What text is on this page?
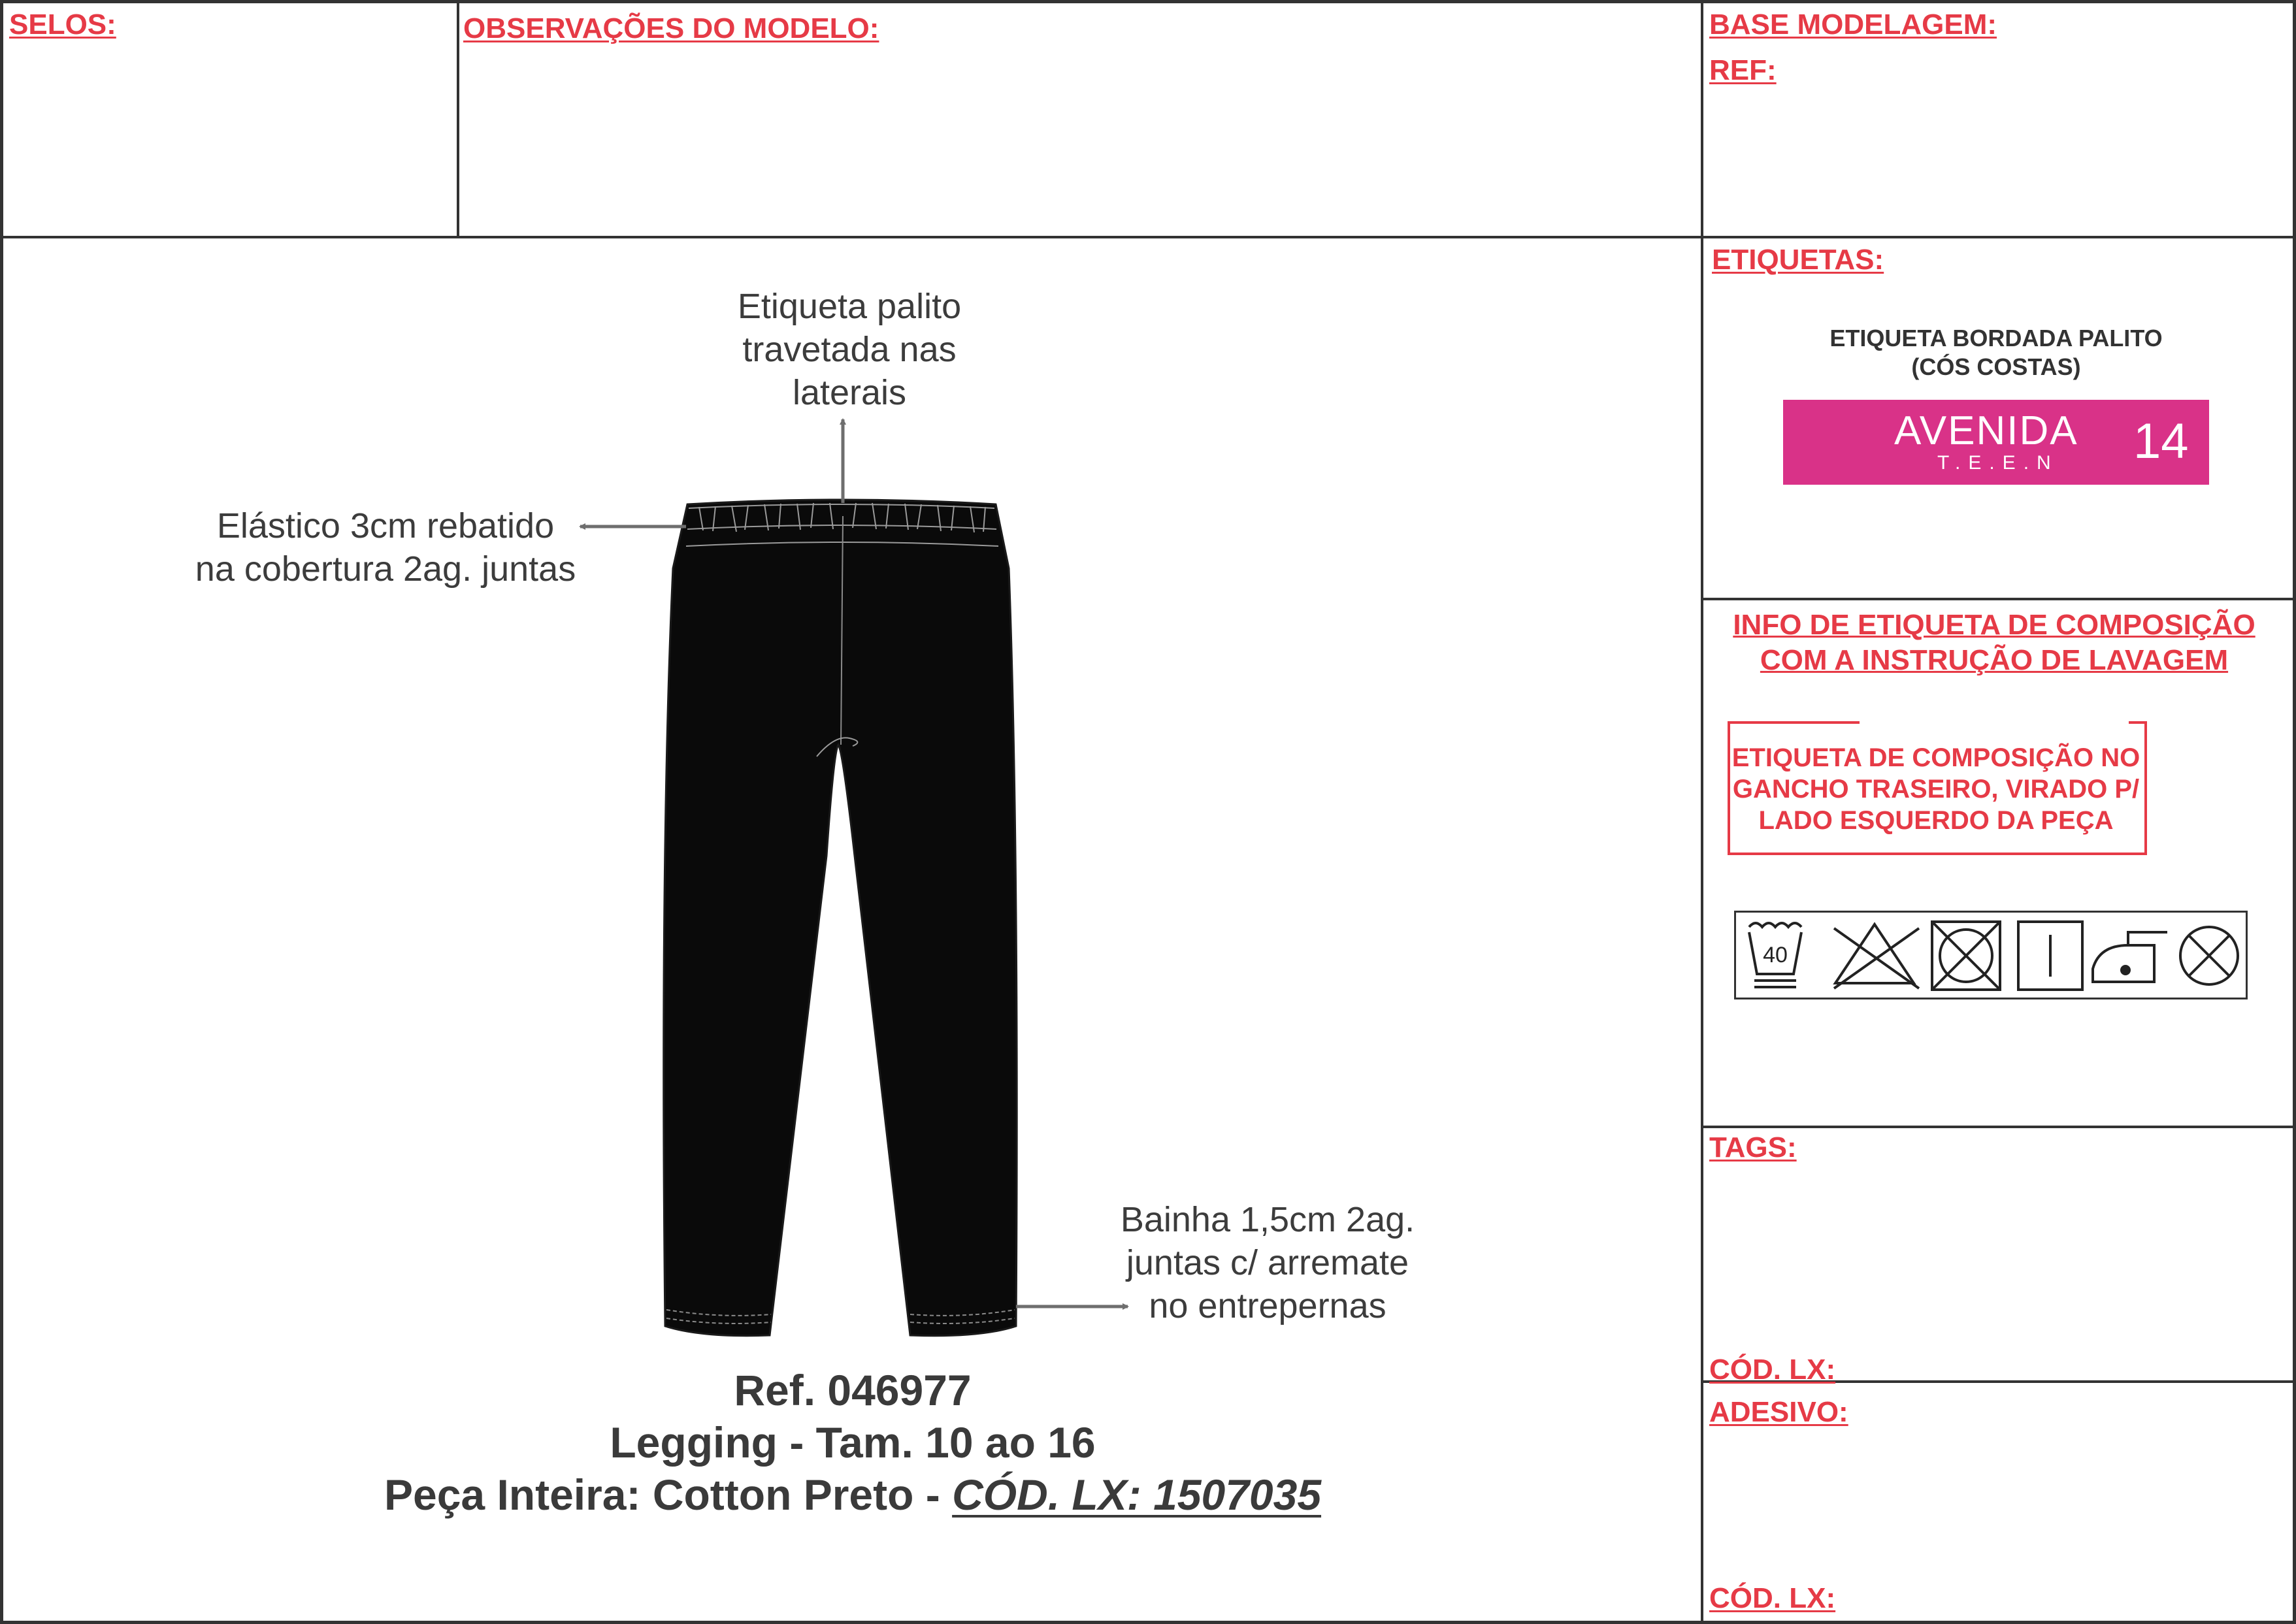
SELOS:	OBSERVAÇÕES DO MODELO:	BASE MODELAGEM:
REF:
ETIQUETAS:
TAGS:
CÓD. LX:
ADESIVO:
CÓD. LX:
Etiqueta palito
travetada nas
laterais
Elástico 3cm rebatido
na cobertura 2ag. juntas
Bainha 1,5cm 2ag.
juntas c/ arremate
no entrepernas
Ref. 046977
Legging - Tam. 10 ao 16
Peça Inteira: Cotton Preto - CÓD. LX: 1507035
ETIQUETA BORDADA PALITO
(CÓS COSTAS)
AVENIDA
T.E.E.N 14
INFO DE ETIQUETA DE COMPOSIÇÃO
COM A INSTRUÇÃO DE LAVAGEM
ETIQUETA DE COMPOSIÇÃO NO
GANCHO TRASEIRO, VIRADO P/
LADO ESQUERDO DA PEÇA
40
